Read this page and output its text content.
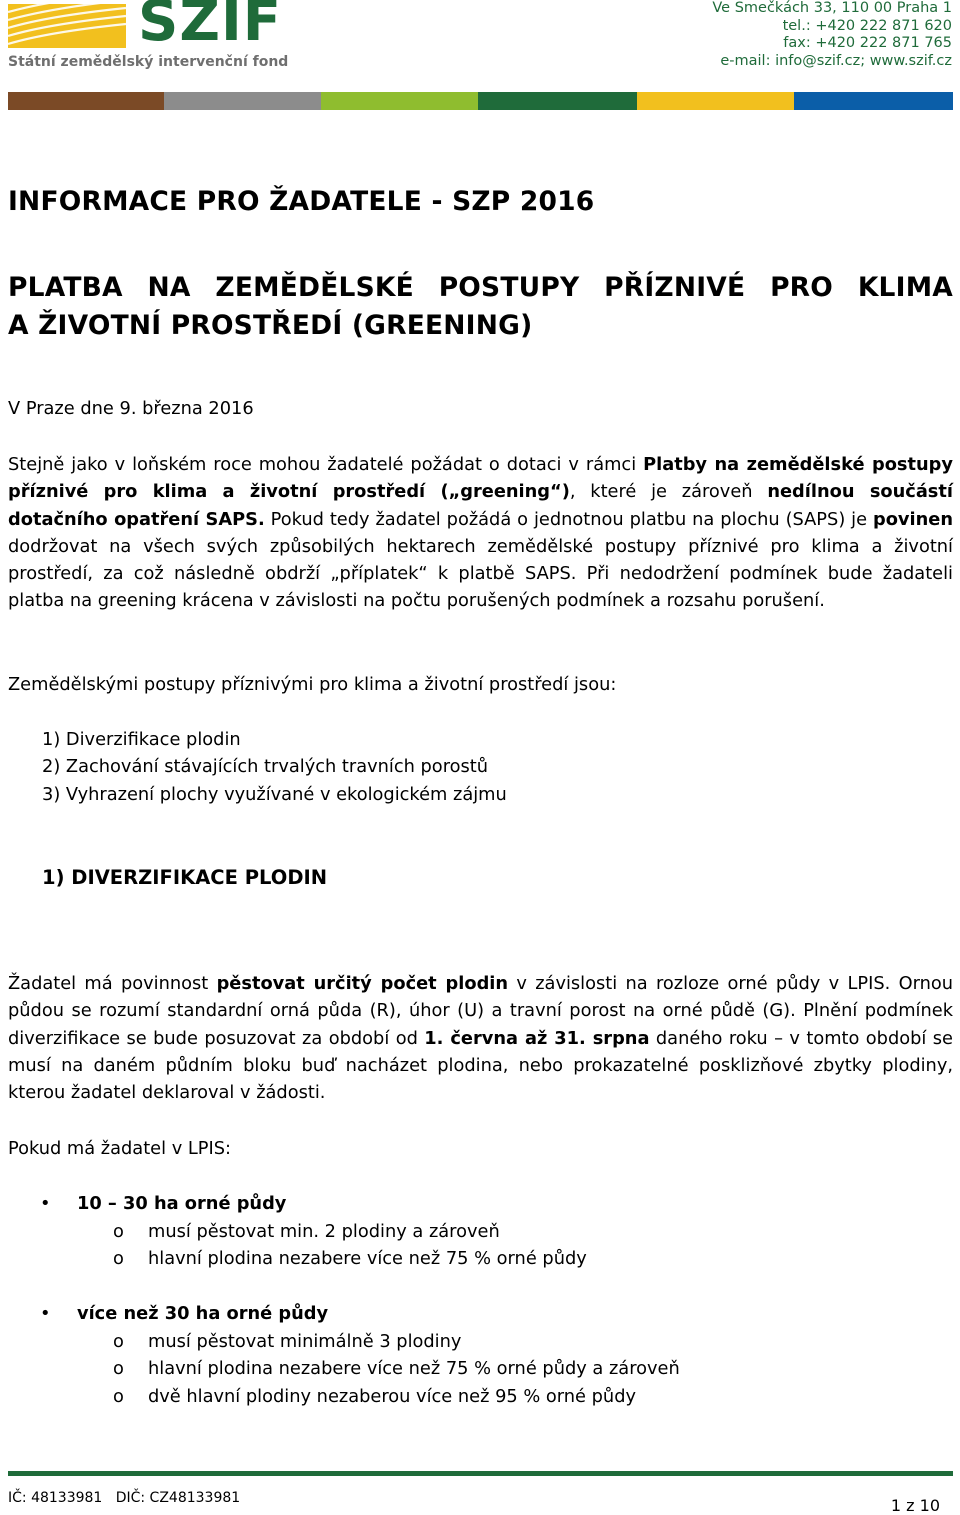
SZIF
Státní zemědělský intervenční fond
Ve Smečkách 33, 110 00 Praha 1
tel.: +420 222 871 620
fax: +420 222 871 765
e-mail: info@szif.cz; www.szif.cz
INFORMACE PRO ŽADATELE - SZP 2016
PLATBA NA ZEMĚDĚLSKÉ POSTUPY PŘÍZNIVÉ PRO KLIMA
A ŽIVOTNÍ PROSTŘEDÍ (GREENING)
V Praze dne 9. března 2016
Stejně jako v loňském roce mohou žadatelé požádat o dotaci v rámci Platby na zemědělské postupy příznivé pro klima a životní prostředí („greening“), které je zároveň nedílnou součástí dotačního opatření SAPS. Pokud tedy žadatel požádá o jednotnou platbu na plochu (SAPS) je povinen dodržovat na všech svých způsobilých hektarech zemědělské postupy příznivé pro klima a životní prostředí, za což následně obdrží „příplatek“ k platbě SAPS. Při nedodržení podmínek bude žadateli platba na greening krácena v závislosti na počtu porušených podmínek a rozsahu porušení.
Zemědělskými postupy příznivými pro klima a životní prostředí jsou:
1) Diverzifikace plodin
2) Zachování stávajících trvalých travních porostů
3) Vyhrazení plochy využívané v ekologickém zájmu
1) DIVERZIFIKACE PLODIN
Žadatel má povinnost pěstovat určitý počet plodin v závislosti na rozloze orné půdy v LPIS. Ornou půdou se rozumí standardní orná půda (R), úhor (U) a travní porost na orné půdě (G). Plnění podmínek diverzifikace se bude posuzovat za období od 1. června až 31. srpna daného roku – v tomto období se musí na daném půdním bloku buď nacházet plodina, nebo prokazatelné posklizňové zbytky plodiny, kterou žadatel deklaroval v žádosti.
Pokud má žadatel v LPIS:
• 10 – 30 ha orné půdy
o musí pěstovat min. 2 plodiny a zároveň
o hlavní plodina nezabere více než 75 % orné půdy
• více než 30 ha orné půdy
o musí pěstovat minimálně 3 plodiny
o hlavní plodina nezabere více než 75 % orné půdy a zároveň
o dvě hlavní plodiny nezaberou více než 95 % orné půdy
IČ: 48133981 DIČ: CZ48133981	1 z 10
